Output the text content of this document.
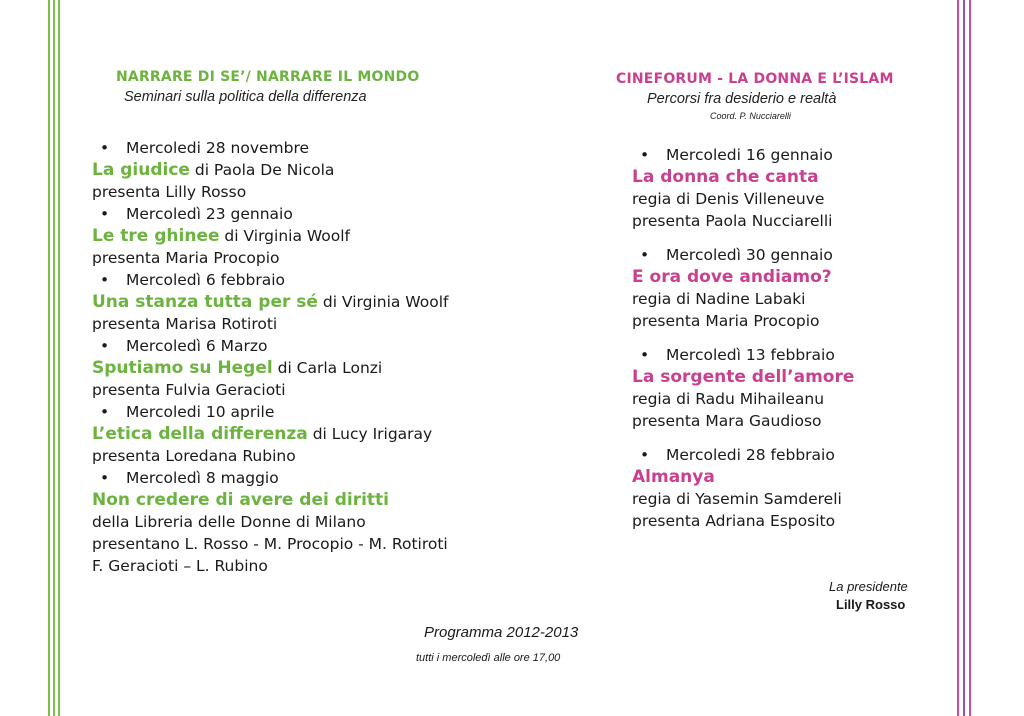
NARRARE DI SE’/ NARRARE IL MONDO
Seminari sulla politica della differenza
• Mercoledi 28 novembre
La giudice di Paola De Nicola
presenta Lilly Rosso
• Mercoledì 23 gennaio
Le tre ghinee di Virginia Woolf
presenta Maria Procopio
• Mercoledì 6 febbraio
Una stanza tutta per sé di Virginia Woolf
presenta Marisa Rotiroti
• Mercoledì 6 Marzo
Sputiamo su Hegel di Carla Lonzi
presenta Fulvia Geracioti
• Mercoledi 10 aprile
L’etica della differenza di Lucy Irigaray
presenta Loredana Rubino
• Mercoledì 8 maggio
Non credere di avere dei diritti
della Libreria delle Donne di Milano
presentano L. Rosso - M. Procopio - M. Rotiroti
F. Geracioti – L. Rubino
CINEFORUM - LA DONNA E L’ISLAM
Percorsi fra desiderio e realtà
Coord. P. Nucciarelli
• Mercoledi 16 gennaio
La donna che canta
regia di Denis Villeneuve
presenta Paola Nucciarelli
• Mercoledì 30 gennaio
E ora dove andiamo?
regia di Nadine Labaki
presenta Maria Procopio
• Mercoledì 13 febbraio
La sorgente dell’amore
regia di Radu Mihaileanu
presenta Mara Gaudioso
• Mercoledi 28 febbraio
Almanya
regia di Yasemin Samdereli
presenta Adriana Esposito
La presidente
Lilly Rosso
Programma 2012-2013
tutti i mercoledì alle ore 17,00
